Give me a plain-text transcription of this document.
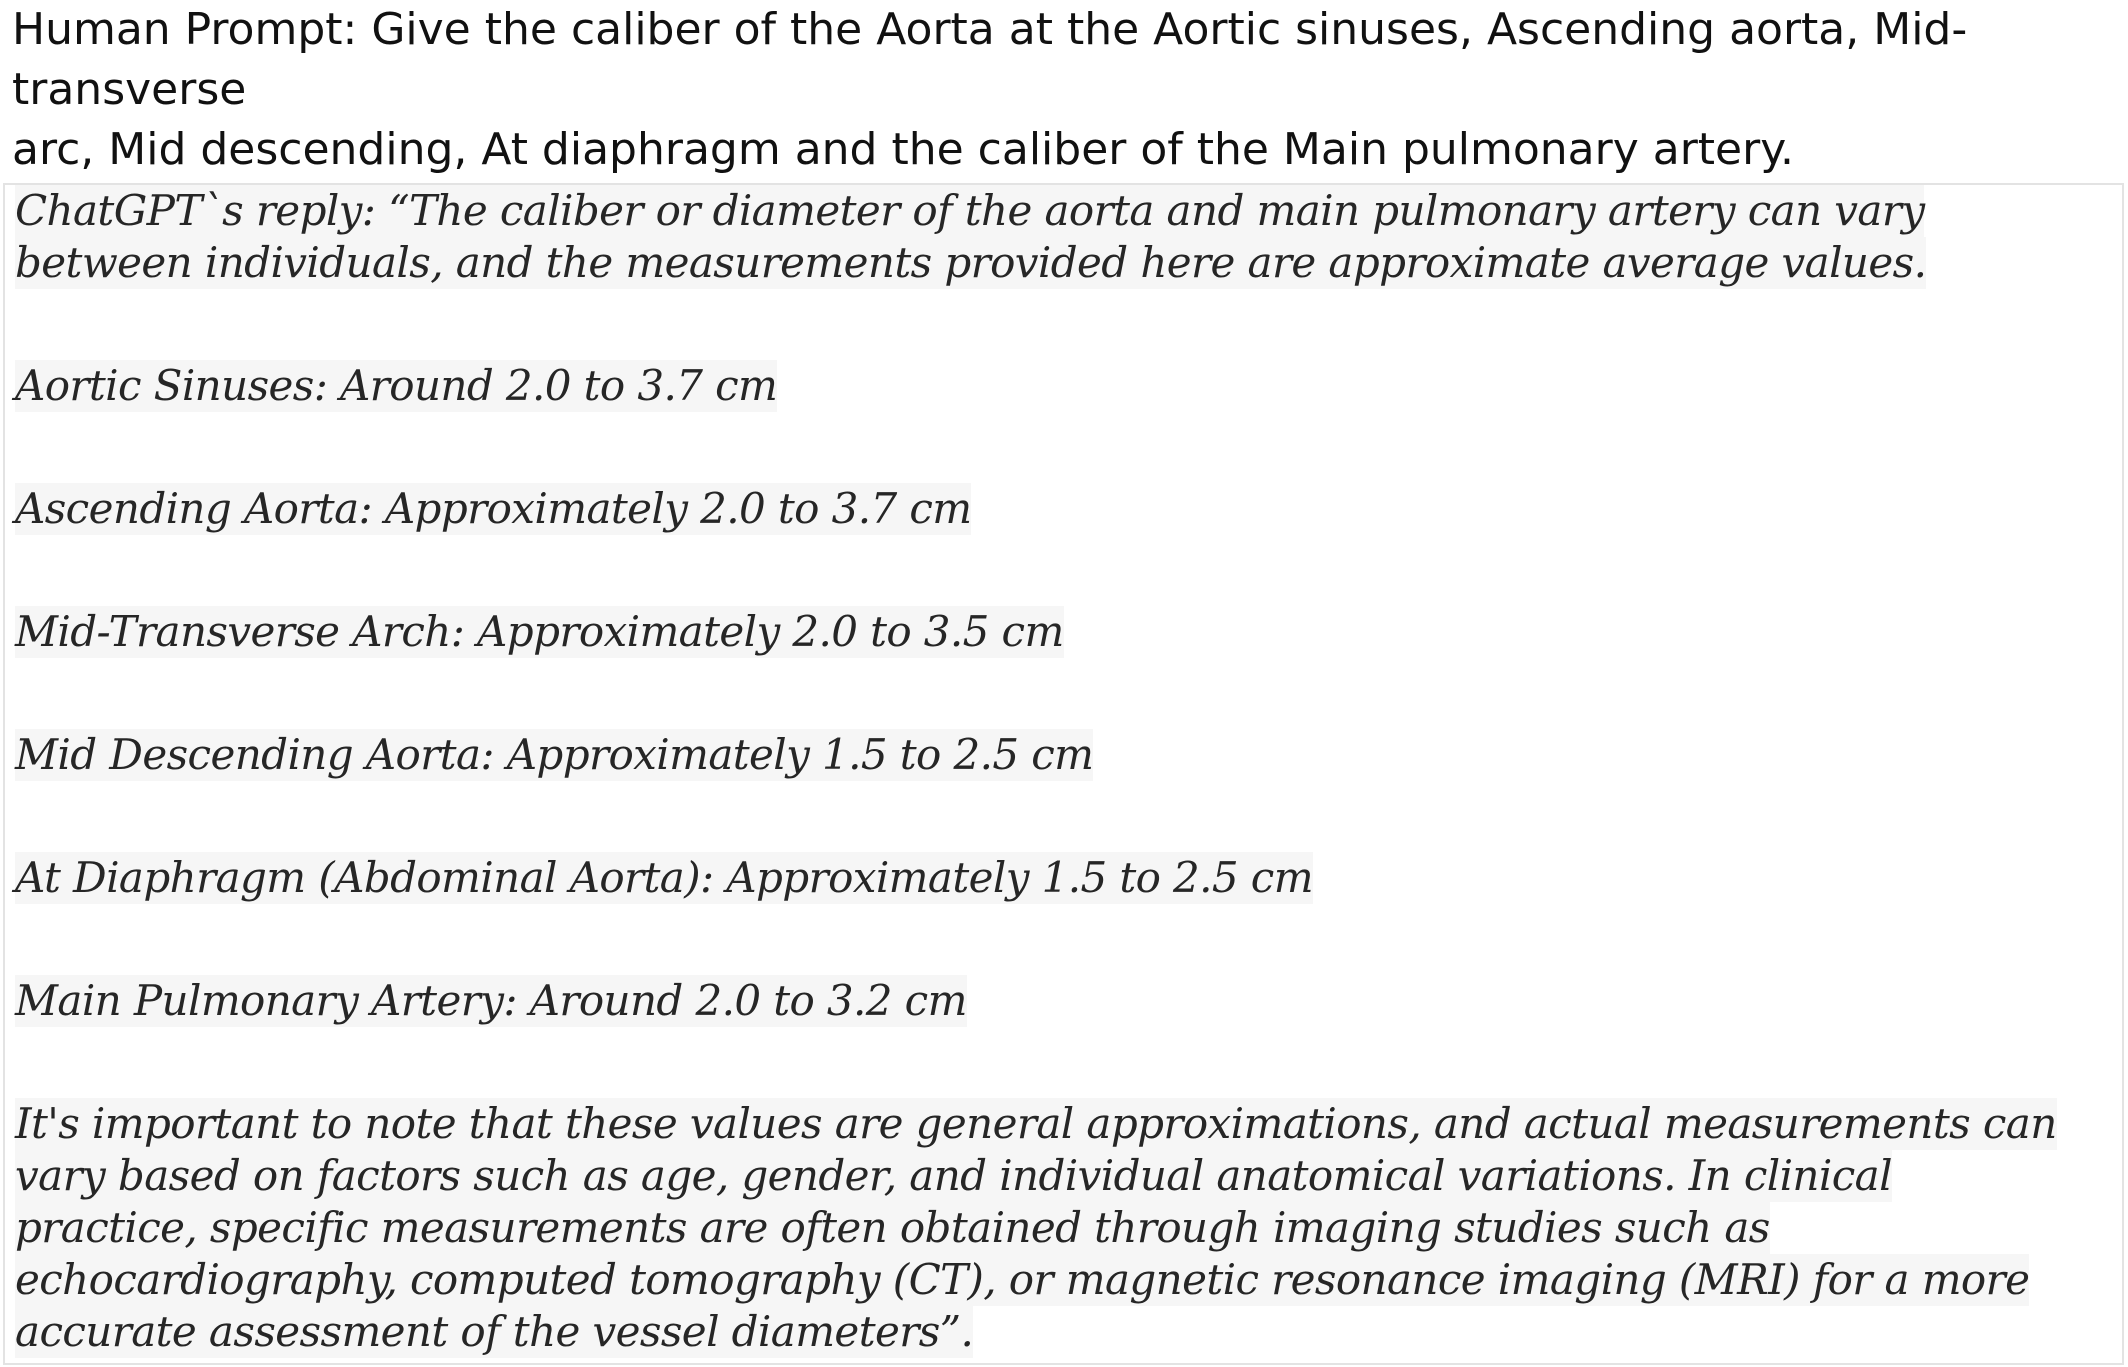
Human Prompt: Give the caliber of the Aorta at the Aortic sinuses, Ascending aorta, Mid-transverse
arc, Mid descending, At diaphragm and the caliber of the Main pulmonary artery.
ChatGPT`s reply: “The caliber or diameter of the aorta and main pulmonary artery can vary
between individuals, and the measurements provided here are approximate average values.
Aortic Sinuses: Around 2.0 to 3.7 cm
Ascending Aorta: Approximately 2.0 to 3.7 cm
Mid-Transverse Arch: Approximately 2.0 to 3.5 cm
Mid Descending Aorta: Approximately 1.5 to 2.5 cm
At Diaphragm (Abdominal Aorta): Approximately 1.5 to 2.5 cm
Main Pulmonary Artery: Around 2.0 to 3.2 cm
It's important to note that these values are general approximations, and actual measurements can
vary based on factors such as age, gender, and individual anatomical variations. In clinical
practice, specific measurements are often obtained through imaging studies such as
echocardiography, computed tomography (CT), or magnetic resonance imaging (MRI) for a more
accurate assessment of the vessel diameters”.
